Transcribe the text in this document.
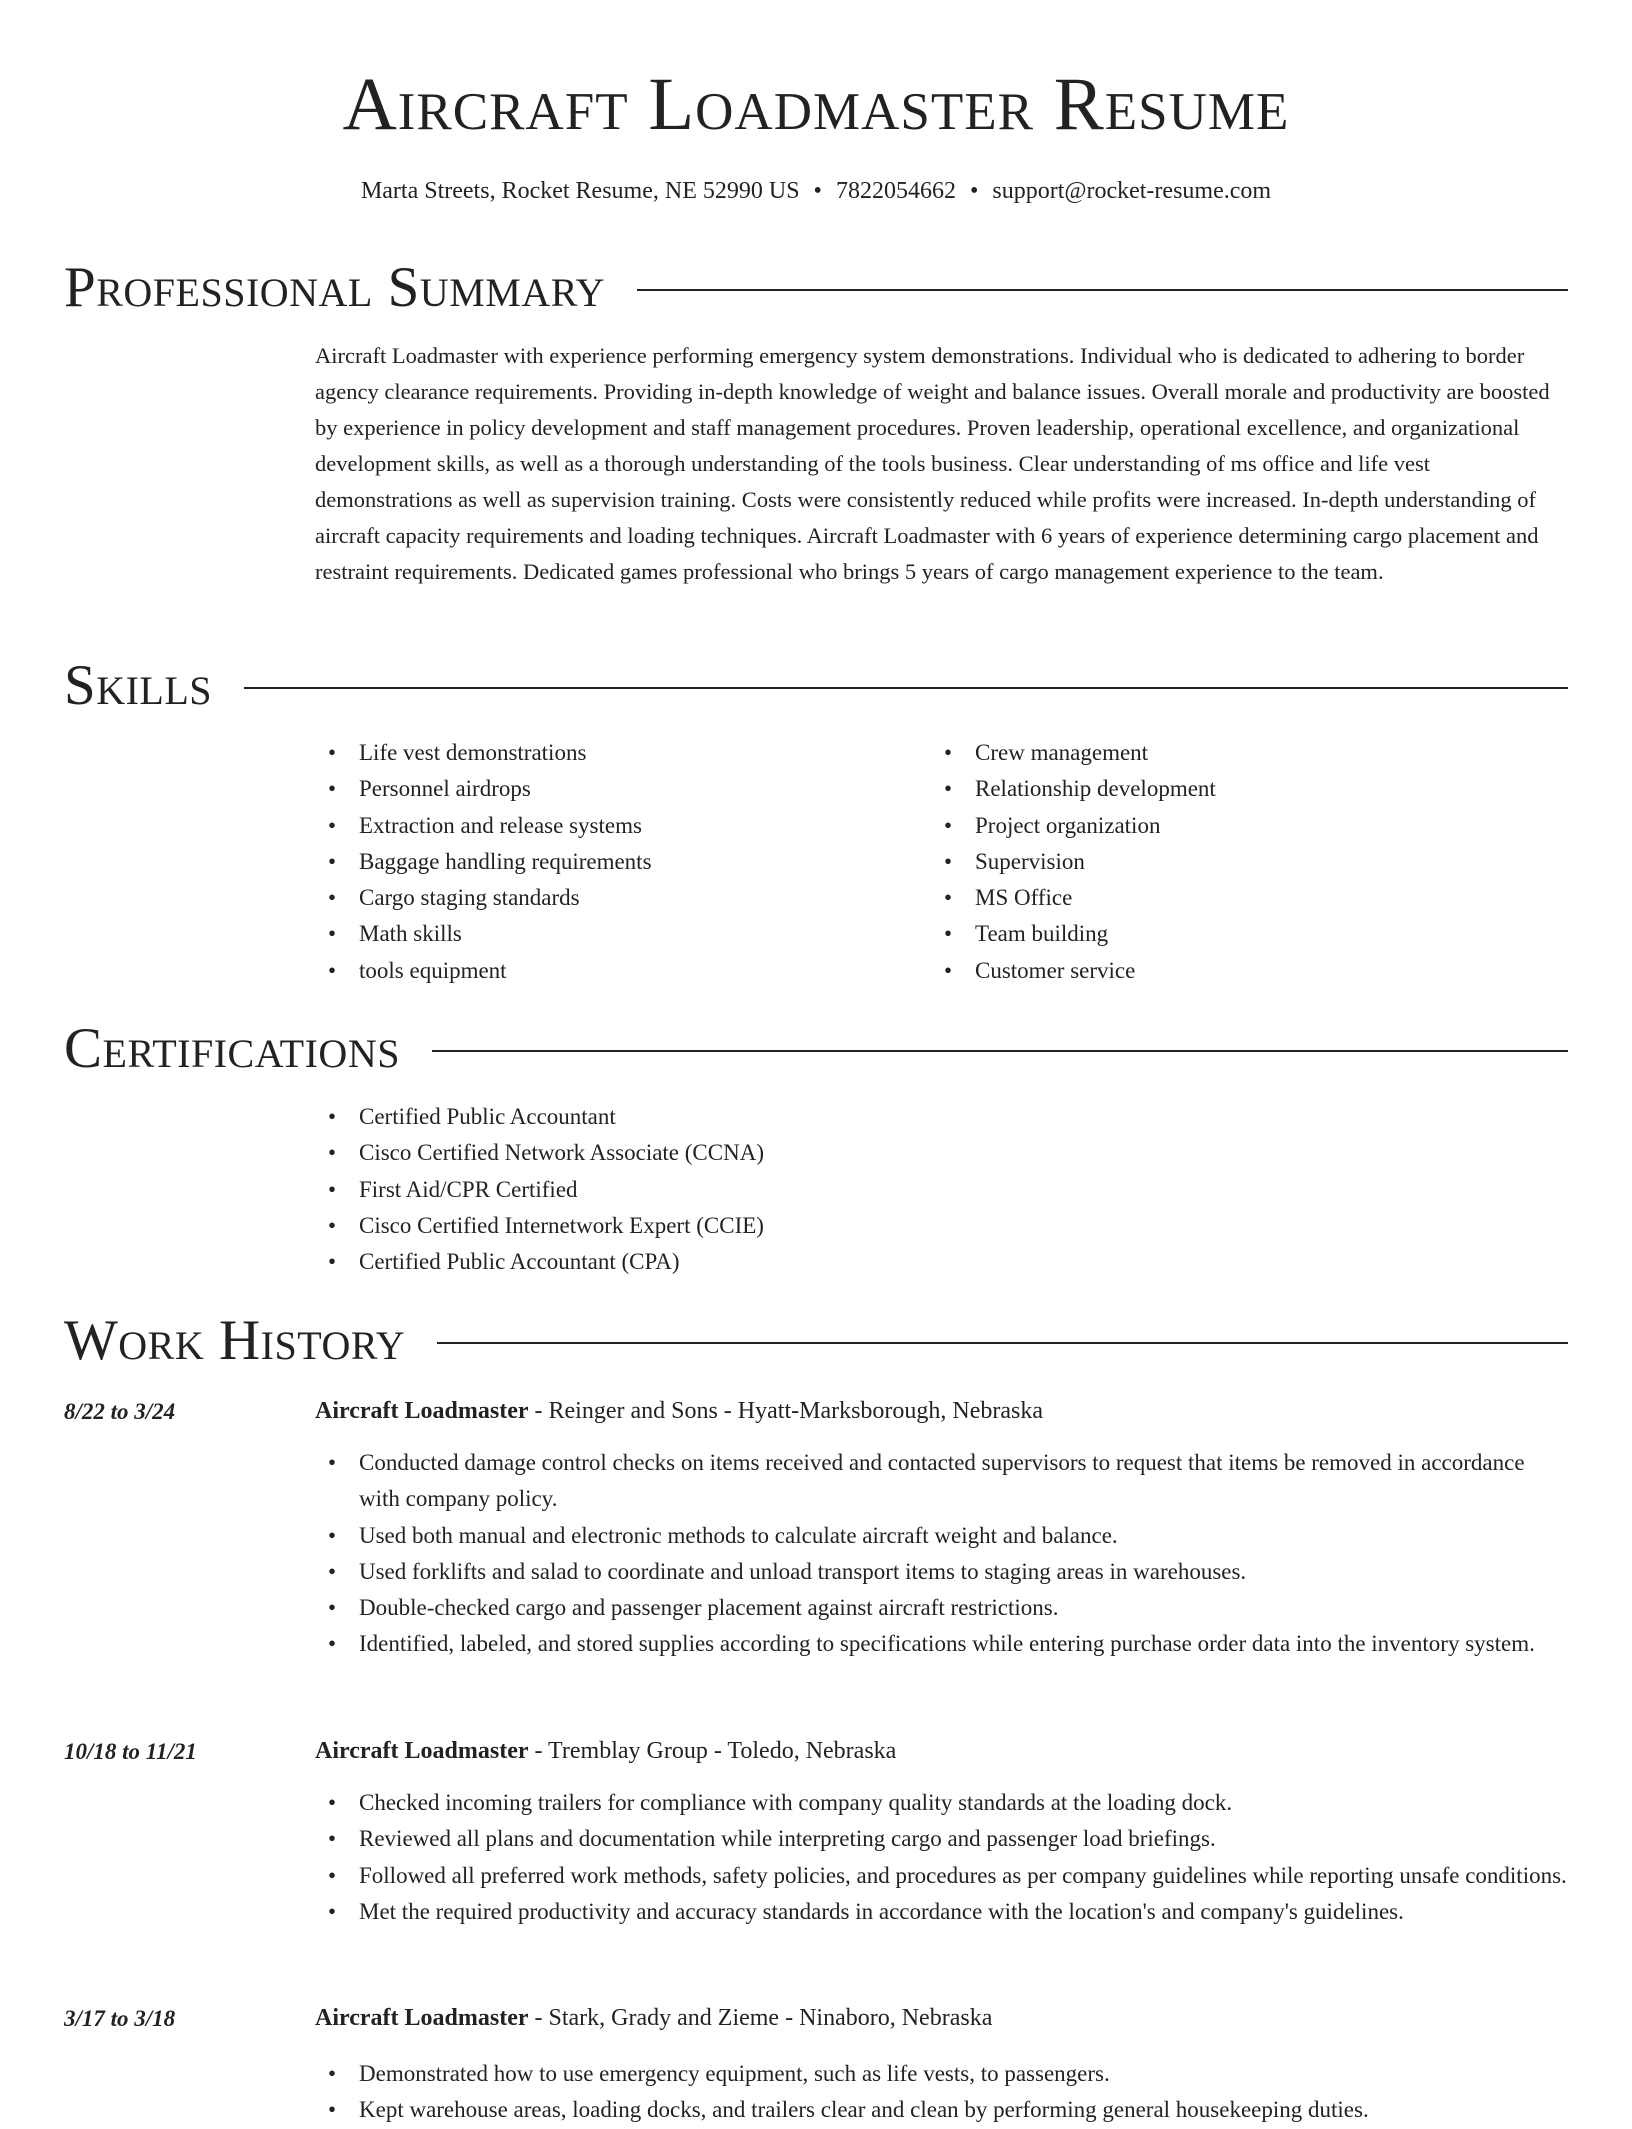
Aircraft Loadmaster Resume
Marta Streets, Rocket Resume, NE 52990 US • 7822054662 • support@rocket-resume.com
Professional Summary

Aircraft Loadmaster with experience performing emergency system demonstrations. Individual who is dedicated to adhering to border agency clearance requirements. Providing in-depth knowledge of weight and balance issues. Overall morale and productivity are boosted by experience in policy development and staff management procedures. Proven leadership, operational excellence, and organizational development skills, as well as a thorough understanding of the tools business. Clear understanding of ms office and life vest demonstrations as well as supervision training. Costs were consistently reduced while profits were increased. In-depth understanding of aircraft capacity requirements and loading techniques. Aircraft Loadmaster with 6 years of experience determining cargo placement and restraint requirements. Dedicated games professional who brings 5 years of cargo management experience to the team.

Skills
• Life vest demonstrations
• Personnel airdrops
• Extraction and release systems
• Baggage handling requirements
• Cargo staging standards
• Math skills
• tools equipment
• Crew management
• Relationship development
• Project organization
• Supervision
• MS Office
• Team building
• Customer service
Certifications
• Certified Public Accountant
• Cisco Certified Network Associate (CCNA)
• First Aid/CPR Certified
• Cisco Certified Internetwork Expert (CCIE)
• Certified Public Accountant (CPA)
Work History
8/22 to 3/24	Aircraft Loadmaster - Reinger and Sons - Hyatt-Marksborough, Nebraska
• Conducted damage control checks on items received and contacted supervisors to request that items be removed in accordance with company policy.
• Used both manual and electronic methods to calculate aircraft weight and balance.
• Used forklifts and salad to coordinate and unload transport items to staging areas in warehouses.
• Double-checked cargo and passenger placement against aircraft restrictions.
• Identified, labeled, and stored supplies according to specifications while entering purchase order data into the inventory system.
10/18 to 11/21	Aircraft Loadmaster - Tremblay Group - Toledo, Nebraska
• Checked incoming trailers for compliance with company quality standards at the loading dock.
• Reviewed all plans and documentation while interpreting cargo and passenger load briefings.
• Followed all preferred work methods, safety policies, and procedures as per company guidelines while reporting unsafe conditions.
• Met the required productivity and accuracy standards in accordance with the location's and company's guidelines.
3/17 to 3/18	Aircraft Loadmaster - Stark, Grady and Zieme - Ninaboro, Nebraska
• Demonstrated how to use emergency equipment, such as life vests, to passengers.
• Kept warehouse areas, loading docks, and trailers clear and clean by performing general housekeeping duties.
